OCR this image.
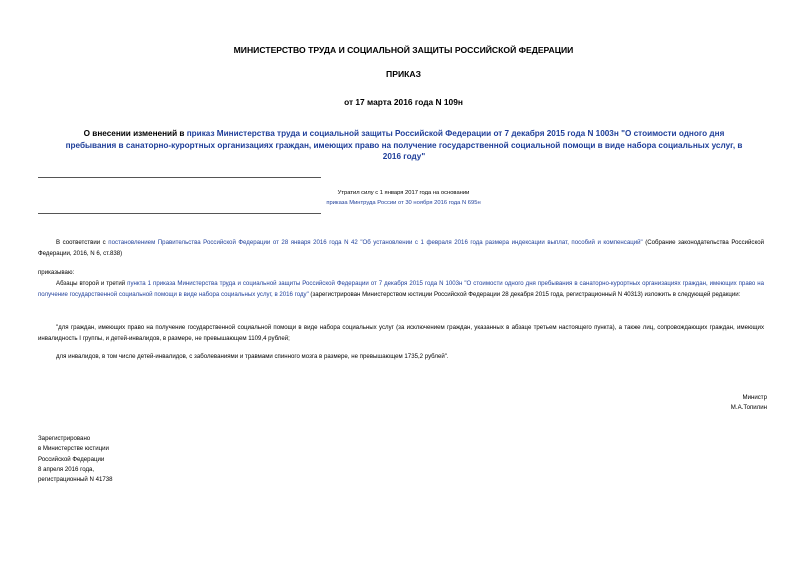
МИНИСТЕРСТВО ТРУДА И СОЦИАЛЬНОЙ ЗАЩИТЫ РОССИЙСКОЙ ФЕДЕРАЦИИ
ПРИКАЗ
от 17 марта 2016 года N 109н
О внесении изменений в приказ Министерства труда и социальной защиты Российской Федерации от 7 декабря 2015 года N 1003н "О стоимости одного дня пребывания в санаторно-курортных организациях граждан, имеющих право на получение государственной социальной помощи в виде набора социальных услуг, в 2016 году"
Утратил силу с 1 января 2017 года на основании
приказа Минтруда России от 30 ноября 2016 года N 695н
В соответствии с постановлением Правительства Российской Федерации от 28 января 2016 года N 42 "Об установлении с 1 февраля 2016 года размера индексации выплат, пособий и компенсаций" (Собрание законодательства Российской Федерации, 2016, N 6, ст.838)
приказываю:
Абзацы второй и третий пункта 1 приказа Министерства труда и социальной защиты Российской Федерации от 7 декабря 2015 года N 1003н "О стоимости одного дня пребывания в санаторно-курортных организациях граждан, имеющих право на получение государственной социальной помощи в виде набора социальных услуг, в 2016 году" (зарегистрирован Министерством юстиции Российской Федерации 28 декабря 2015 года, регистрационный N 40313) изложить в следующей редакции:
"для граждан, имеющих право на получение государственной социальной помощи в виде набора социальных услуг (за исключением граждан, указанных в абзаце третьем настоящего пункта), а также лиц, сопровождающих граждан, имеющих инвалидность I группы, и детей-инвалидов, в размере, не превышающем 1109,4 рублей;
для инвалидов, в том числе детей-инвалидов, с заболеваниями и травмами спинного мозга в размере, не превышающем 1735,2 рублей".
Министр
М.А.Топилин
Зарегистрировано
в Министерстве юстиции
Российской Федерации
8 апреля 2016 года,
регистрационный N 41738
